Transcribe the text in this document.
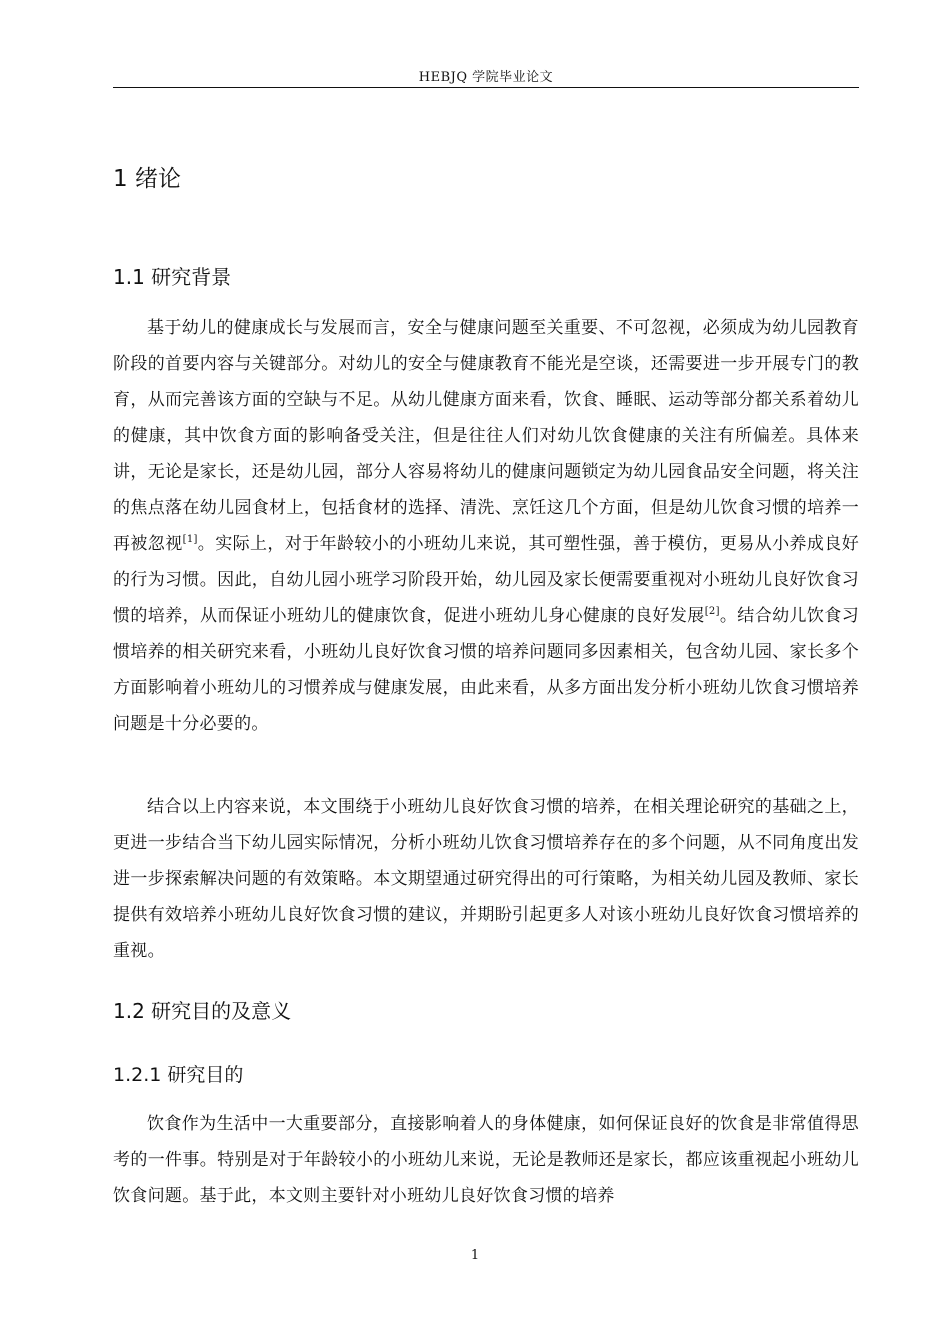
HEBJQ 学院毕业论文
1 绪论
1.1 研究背景

基于幼儿的健康成长与发展而言，安全与健康问题至关重要、不可忽视，必须成为幼儿园教育阶段的首要内容与关键部分。对幼儿的安全与健康教育不能光是空谈，还需要进一步开展专门的教育，从而完善该方面的空缺与不足。从幼儿健康方面来看，饮食、睡眠、运动等部分都关系着幼儿的健康，其中饮食方面的影响备受关注，但是往往人们对幼儿饮食健康的关注有所偏差。具体来讲，无论是家长，还是幼儿园，部分人容易将幼儿的健康问题锁定为幼儿园食品安全问题，将关注的焦点落在幼儿园食材上，包括食材的选择、清洗、烹饪这几个方面，但是幼儿饮食习惯的培养一再被忽视[1]。实际上，对于年龄较小的小班幼儿来说，其可塑性强，善于模仿，更易从小养成良好的行为习惯。因此，自幼儿园小班学习阶段开始，幼儿园及家长便需要重视对小班幼儿良好饮食习惯的培养，从而保证小班幼儿的健康饮食，促进小班幼儿身心健康的良好发展[2]。结合幼儿饮食习惯培养的相关研究来看，小班幼儿良好饮食习惯的培养问题同多因素相关，包含幼儿园、家长多个方面影响着小班幼儿的习惯养成与健康发展，由此来看，从多方面出发分析小班幼儿饮食习惯培养问题是十分必要的。

结合以上内容来说，本文围绕于小班幼儿良好饮食习惯的培养，在相关理论研究的基础之上，更进一步结合当下幼儿园实际情况，分析小班幼儿饮食习惯培养存在的多个问题，从不同角度出发进一步探索解决问题的有效策略。本文期望通过研究得出的可行策略，为相关幼儿园及教师、家长提供有效培养小班幼儿良好饮食习惯的建议，并期盼引起更多人对该小班幼儿良好饮食习惯培养的重视。

1.2 研究目的及意义
1.2.1 研究目的

饮食作为生活中一大重要部分，直接影响着人的身体健康，如何保证良好的饮食是非常值得思考的一件事。特别是对于年龄较小的小班幼儿来说，无论是教师还是家长，都应该重视起小班幼儿饮食问题。基于此，本文则主要针对小班幼儿良好饮食习惯的培养

1
